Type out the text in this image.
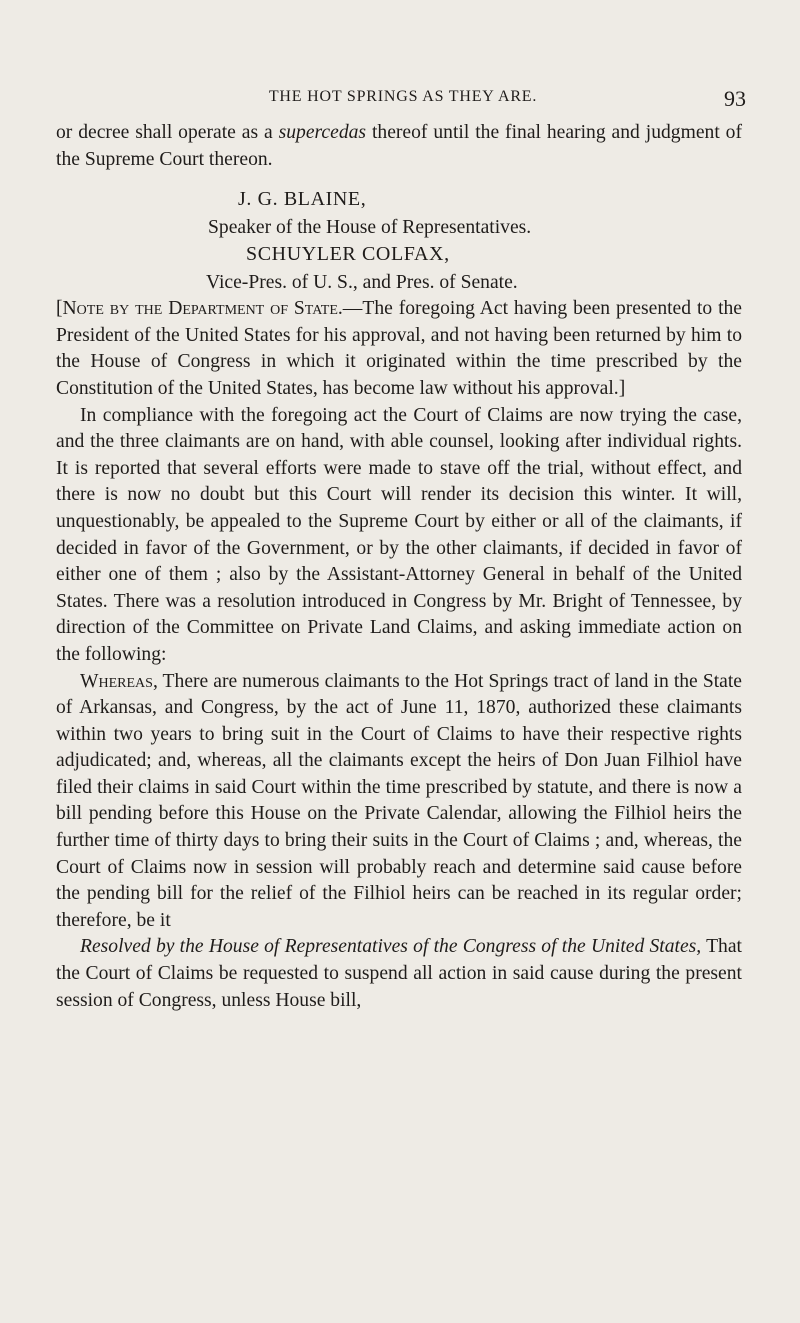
THE HOT SPRINGS AS THEY ARE.	93

or decree shall operate as a supercedas thereof until the final hearing and judgment of the Supreme Court thereon.

J. G. BLAINE,

Speaker of the House of Representatives.

SCHUYLER COLFAX,

Vice-Pres. of U. S., and Pres. of Senate.

[Note by the Department of State.—The foregoing Act having been presented to the President of the United States for his approval, and not having been returned by him to the House of Congress in which it originated within the time prescribed by the Constitution of the United States, has become law without his approval.]

In compliance with the foregoing act the Court of Claims are now trying the case, and the three claimants are on hand, with able counsel, looking after individual rights. It is reported that several efforts were made to stave off the trial, without effect, and there is now no doubt but this Court will render its decision this winter. It will, unquestionably, be appealed to the Supreme Court by either or all of the claimants, if decided in favor of the Government, or by the other claimants, if decided in favor of either one of them ; also by the Assistant-Attorney General in behalf of the United States. There was a resolution introduced in Congress by Mr. Bright of Tennessee, by direction of the Committee on Private Land Claims, and asking immediate action on the following:

Whereas, There are numerous claimants to the Hot Springs tract of land in the State of Arkansas, and Congress, by the act of June 11, 1870, authorized these claimants within two years to bring suit in the Court of Claims to have their respective rights adjudicated; and, whereas, all the claimants except the heirs of Don Juan Filhiol have filed their claims in said Court within the time prescribed by statute, and there is now a bill pending before this House on the Private Calendar, allowing the Filhiol heirs the further time of thirty days to bring their suits in the Court of Claims ; and, whereas, the Court of Claims now in session will probably reach and determine said cause before the pending bill for the relief of the Filhiol heirs can be reached in its regular order; therefore, be it

Resolved by the House of Representatives of the Congress of the United States, That the Court of Claims be requested to suspend all action in said cause during the present session of Congress, unless House bill,
